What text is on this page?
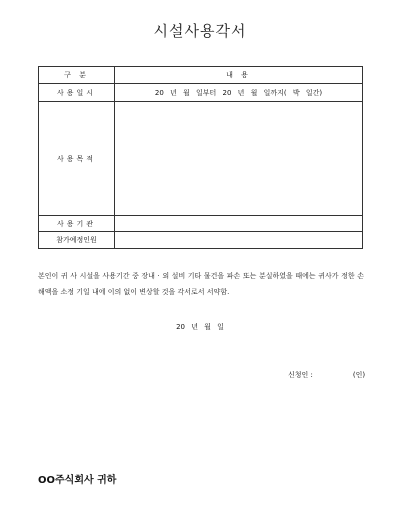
시설사용각서
구 분	내 용
사용일시	20 년 월 일부터 20 년 월 일까지( 박 일간)
사용목적	
사용기관	
참가예정인원	
본인이 귀 사 시설을 사용기간 중 장내 · 외 설비 기타 물건을 파손 또는 분실하였을 때에는 귀사가 정한 손해액을 소정 기일 내에 이의 없이 변상할 것을 각서로서 서약함.
20 년 월 일
신청인 :	(인)
OO주식회사 귀하
